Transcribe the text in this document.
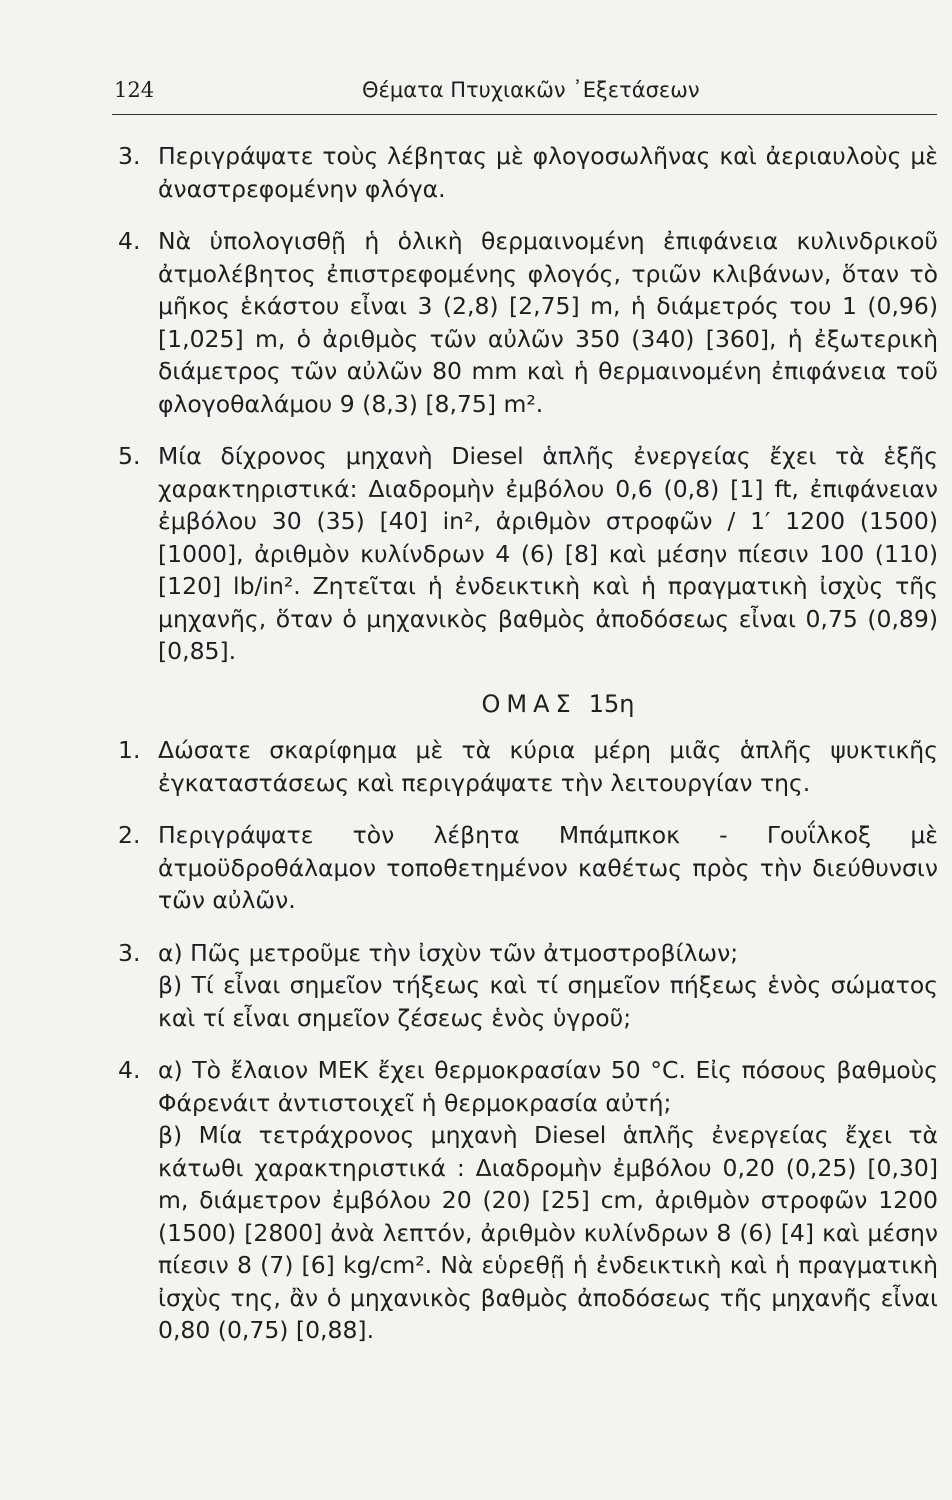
124	Θέματα Πτυχιακῶν ᾿Εξετάσεων
3. Περιγράψατε τοὺς λέβητας μὲ φλογοσωλῆνας καὶ ἀεριαυλοὺς μὲ ἀναστρεφομένην φλόγα.

4. Νὰ ὑπολογισθῇ ἡ ὁλικὴ θερμαινομένη ἐπιφάνεια κυλινδρικοῦ ἀτμολέβητος ἐπιστρεφομένης φλογός, τριῶν κλιβάνων, ὅταν τὸ μῆκος ἑκάστου εἶναι 3 (2,8) [2,75] m, ἡ διάμετρός του 1 (0,96) [1,025] m, ὁ ἀριθμὸς τῶν αὐλῶν 350 (340) [360], ἡ ἐξωτερικὴ διάμετρος τῶν αὐλῶν 80 mm καὶ ἡ θερμαινομένη ἐπιφάνεια τοῦ φλογοθαλάμου 9 (8,3) [8,75] m².

5. Μία δίχρονος μηχανὴ Diesel ἁπλῆς ἐνεργείας ἔχει τὰ ἑξῆς χαρακτηριστικά: Διαδρομὴν ἐμβόλου 0,6 (0,8) [1] ft, ἐπιφάνειαν ἐμβόλου 30 (35) [40] in², ἀριθμὸν στροφῶν / 1′ 1200 (1500) [1000], ἀριθμὸν κυλίνδρων 4 (6) [8] καὶ μέσην πίεσιν 100 (110) [120] lb/in². Ζητεῖται ἡ ἐνδεικτικὴ καὶ ἡ πραγματικὴ ἰσχὺς τῆς μηχανῆς, ὅταν ὁ μηχανικὸς βαθμὸς ἀποδόσεως εἶναι 0,75 (0,89) [0,85].

ΟΜΑΣ 15η
1. Δώσατε σκαρίφημα μὲ τὰ κύρια μέρη μιᾶς ἁπλῆς ψυκτικῆς ἐγκαταστάσεως καὶ περιγράψατε τὴν λειτουργίαν της.

2. Περιγράψατε τὸν λέβητα Μπάμπκοκ - Γουΐλκοξ μὲ ἀτμοϋδροθάλαμον τοποθετημένον καθέτως πρὸς τὴν διεύθυνσιν τῶν αὐλῶν.

3. α) Πῶς μετροῦμε τὴν ἰσχὺν τῶν ἀτμοστροβίλων;

β) Τί εἶναι σημεῖον τήξεως καὶ τί σημεῖον πήξεως ἑνὸς σώματος καὶ τί εἶναι σημεῖον ζέσεως ἑνὸς ὑγροῦ;

4. α) Τὸ ἔλαιον ΜΕΚ ἔχει θερμοκρασίαν 50 °C. Εἰς πόσους βαθμοὺς Φάρενάιτ ἀντιστοιχεῖ ἡ θερμοκρασία αὐτή;

β) Μία τετράχρονος μηχανὴ Diesel ἁπλῆς ἐνεργείας ἔχει τὰ κάτωθι χαρακτηριστικά : Διαδρομὴν ἐμβόλου 0,20 (0,25) [0,30] m, διάμετρον ἐμβόλου 20 (20) [25] cm, ἀριθμὸν στροφῶν 1200 (1500) [2800] ἀνὰ λεπτόν, ἀριθμὸν κυλίνδρων 8 (6) [4] καὶ μέσην πίεσιν 8 (7) [6] kg/cm². Νὰ εὑρεθῇ ἡ ἐνδεικτικὴ καὶ ἡ πραγματικὴ ἰσχὺς της, ἂν ὁ μηχανικὸς βαθμὸς ἀποδόσεως τῆς μηχανῆς εἶναι 0,80 (0,75) [0,88].
